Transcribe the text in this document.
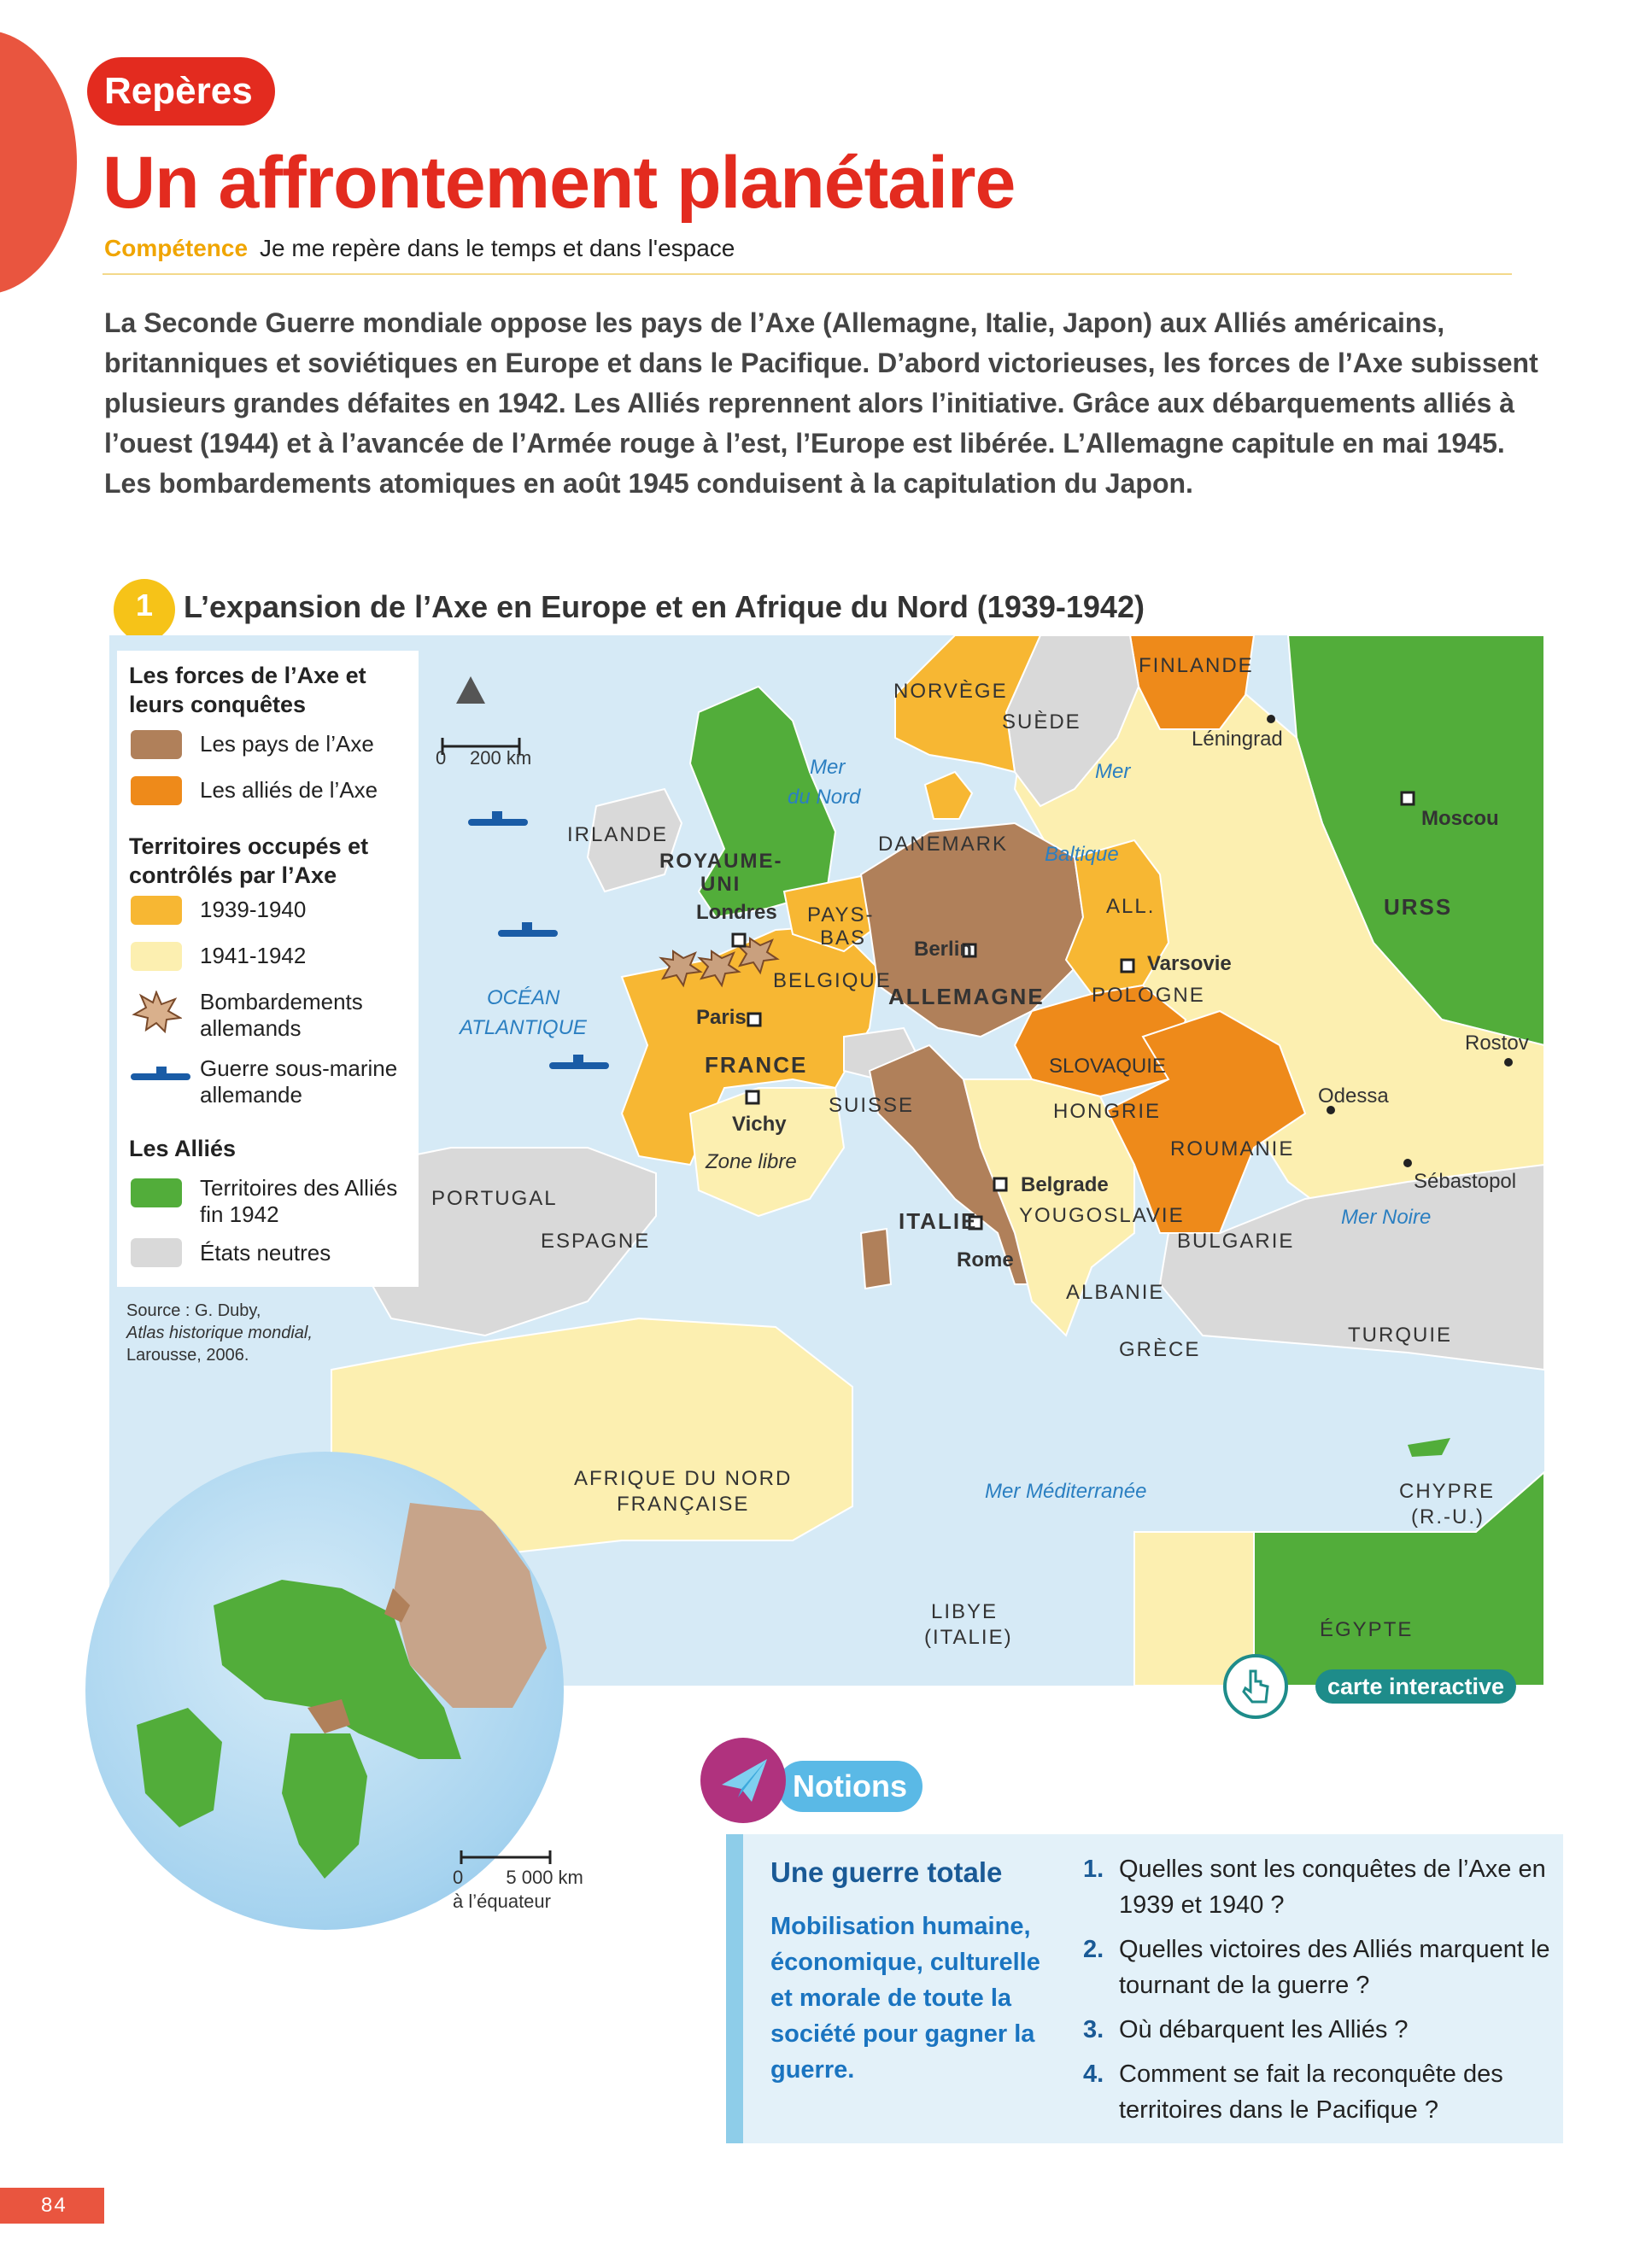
Repères
Un affrontement planétaire
Compétence Je me repère dans le temps et dans l'espace
La Seconde Guerre mondiale oppose les pays de l’Axe (Allemagne, Italie, Japon) aux Alliés américains, britanniques et soviétiques en Europe et dans le Pacifique. D’abord victorieuses, les forces de l’Axe subissent plusieurs grandes défaites en 1942. Les Alliés reprennent alors l’initiative. Grâce aux débarquements alliés à l’ouest (1944) et à l’avancée de l’Armée rouge à l’est, l’Europe est libérée. L’Allemagne capitule en mai 1945. Les bombardements atomiques en août 1945 conduisent à la capitulation du Japon.
1 L’expansion de l’Axe en Europe et en Afrique du Nord (1939-1942)
0 200 km
IRLANDE
ROYAUME-
UNI
Londres PAYS-
BAS
BELGIQUE
Paris
FRANCE
Vichy
Zone libre
SUISSE
ALLEMAGNE
Berlin
DANEMARK
NORVÈGE
SUÈDE
FINLANDE
Léningrad
Moscou
URSS
ALL.
Varsovie
POLOGNE
SLOVAQUIE
HONGRIE
ROUMANIE
Odessa
Rostov
Sébastopol
Mer Noire
BULGARIE
Belgrade
YOUGOSLAVIE
ALBANIE
GRÈCE
TURQUIE
ITALIE
Rome
PORTUGAL
ESPAGNE
Mer
du Nord
Mer
Baltique
OCÉAN
ATLANTIQUE
AFRIQUE DU NORD
FRANÇAISE
Mer Méditerranée	CHYPRE
(R.-U.)
LIBYE
(ITALIE)	ÉGYPTE
Les forces de l’Axe et leurs conquêtes
Les pays de l’Axe
Les alliés de l’Axe
Territoires occupés et contrôlés par l’Axe
1939-1940
1941-1942
Bombardements allemands
Guerre sous-marine allemande
Les Alliés
Territoires des Alliés fin 1942
États neutres
Source : G. Duby,
Atlas historique mondial,
Larousse, 2006.
0 5 000 km
à l’équateur
carte interactive
Notions
Une guerre totale
Mobilisation humaine, économique, culturelle et morale de toute la société pour gagner la guerre.
1. Quelles sont les conquêtes de l’Axe en 1939 et 1940 ?
2. Quelles victoires des Alliés marquent le tournant de la guerre ?
3. Où débarquent les Alliés ?
4. Comment se fait la reconquête des territoires dans le Pacifique ?
84
